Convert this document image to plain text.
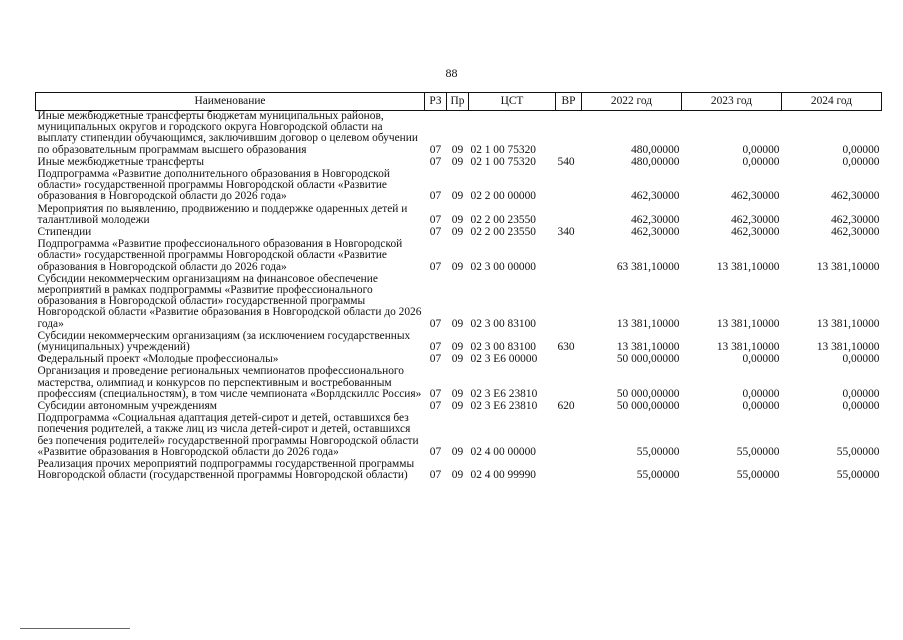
88
Наименование	РЗ	Пр	ЦСТ	ВР	2022 год	2023 год	2024 год
Иные межбюджетные трансферты бюджетам муниципальных районов, муниципальных округов и городского округа Новгородской области на выплату стипендии обучающимся, заключившим договор о целевом обучении по образовательным программам высшего образования	07	09	02 1 00 75320		480,00000	0,00000	0,00000
Иные межбюджетные трансферты	07	09	02 1 00 75320	540	480,00000	0,00000	0,00000
Подпрограмма «Развитие дополнительного образования в Новгородской области» государственной программы Новгородской области «Развитие образования в Новгородской области до 2026 года»	07	09	02 2 00 00000		462,30000	462,30000	462,30000
Мероприятия по выявлению, продвижению и поддержке одаренных детей и талантливой молодежи	07	09	02 2 00 23550		462,30000	462,30000	462,30000
Стипендии	07	09	02 2 00 23550	340	462,30000	462,30000	462,30000
Подпрограмма «Развитие профессионального образования в Новгородской области» государственной программы Новгородской области «Развитие образования в Новгородской области до 2026 года»	07	09	02 3 00 00000		63 381,10000	13 381,10000	13 381,10000
Субсидии некоммерческим организациям на финансовое обеспечение мероприятий в рамках подпрограммы «Развитие профессионального образования в Новгородской области» государственной программы Новгородской области «Развитие образования в Новгородской области до 2026 года»	07	09	02 3 00 83100		13 381,10000	13 381,10000	13 381,10000
Субсидии некоммерческим организациям (за исключением государственных (муниципальных) учреждений)	07	09	02 3 00 83100	630	13 381,10000	13 381,10000	13 381,10000
Федеральный проект «Молодые профессионалы»	07	09	02 3 E6 00000		50 000,00000	0,00000	0,00000
Организация и проведение региональных чемпионатов профессионального мастерства, олимпиад и конкурсов по перспективным и востребованным профессиям (специальностям), в том числе чемпионата «Ворлдскиллс Россия»	07	09	02 3 E6 23810		50 000,00000	0,00000	0,00000
Субсидии автономным учреждениям	07	09	02 3 E6 23810	620	50 000,00000	0,00000	0,00000
Подпрограмма «Социальная адаптация детей-сирот и детей, оставшихся без попечения родителей, а также лиц из числа детей-сирот и детей, оставшихся без попечения родителей» государственной программы Новгородской области «Развитие образования в Новгородской области до 2026 года»	07	09	02 4 00 00000		55,00000	55,00000	55,00000
Реализация прочих мероприятий подпрограммы государственной программы Новгородской области (государственной программы Новгородской области)	07	09	02 4 00 99990		55,00000	55,00000	55,00000
